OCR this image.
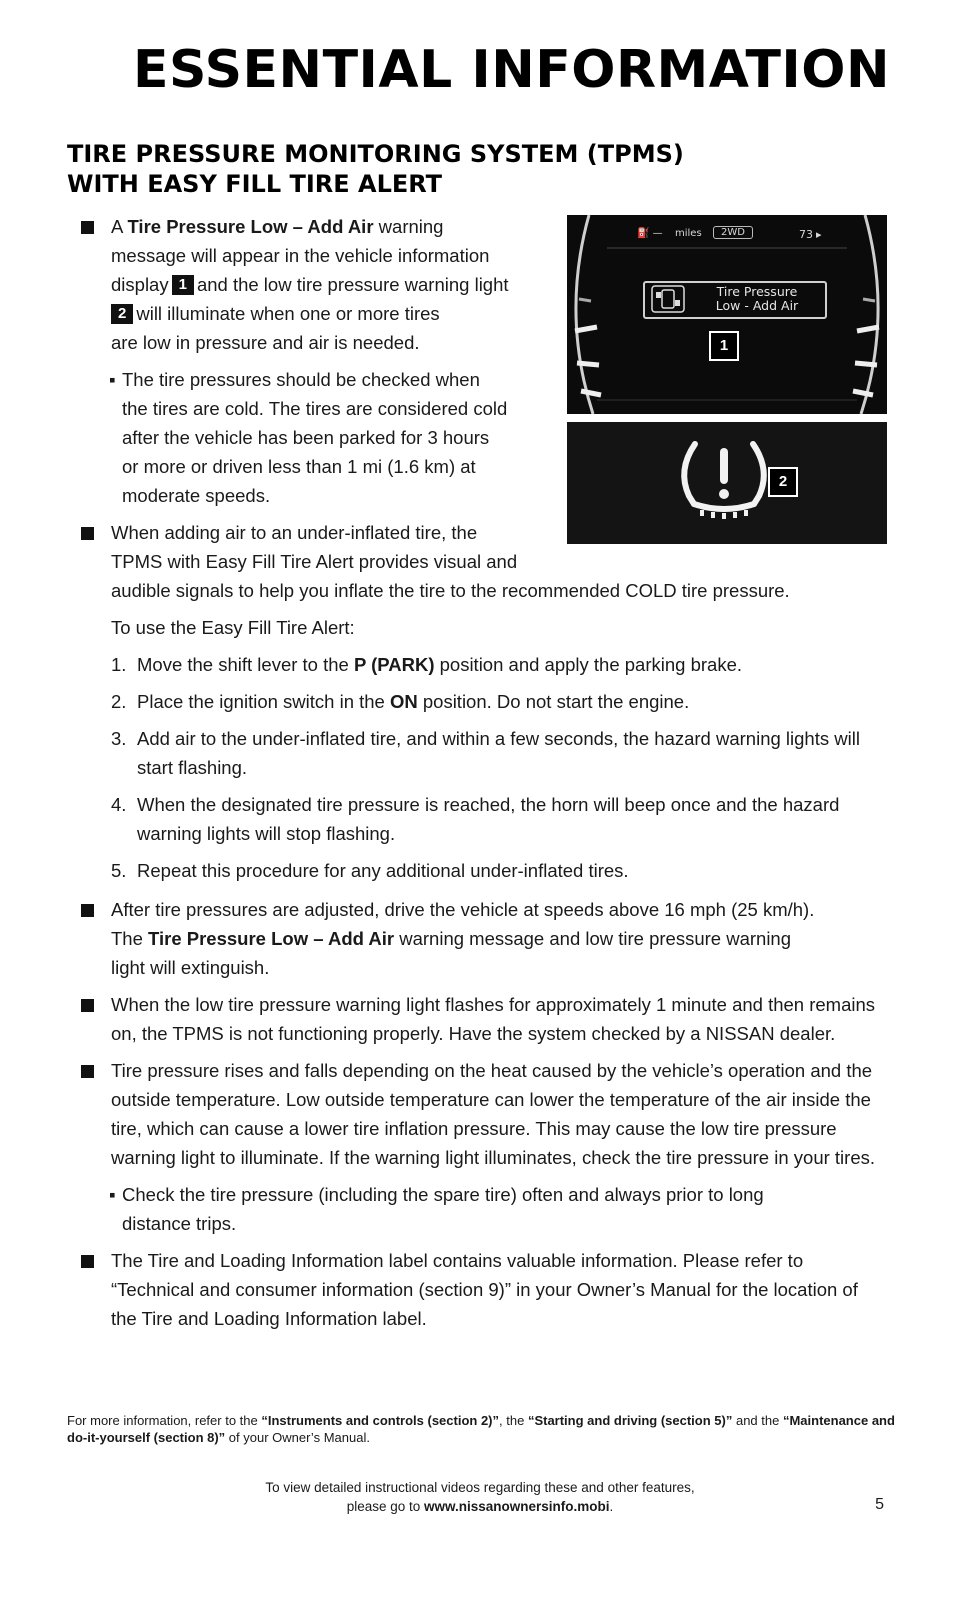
ESSENTIAL INFORMATION
TIRE PRESSURE MONITORING SYSTEM (TPMS)
WITH EASY FILL TIRE ALERT
⛽ — miles	2WD	73 ▸
Tire Pressure
Low - Add Air
1
2

A Tire Pressure Low – Add Air warning
message will appear in the vehicle information
display 1 and the low tire pressure warning light
2 will illuminate when one or more tires
are low in pressure and air is needed.

▪ The tire pressures should be checked when
the tires are cold. The tires are considered cold
after the vehicle has been parked for 3 hours
or more or driven less than 1 mi (1.6 km) at
moderate speeds.

When adding air to an under-inflated tire, the
TPMS with Easy Fill Tire Alert provides visual and
audible signals to help you inflate the tire to the recommended COLD tire pressure.

To use the Easy Fill Tire Alert:

1. Move the shift lever to the P (PARK) position and apply the parking brake.

2. Place the ignition switch in the ON position. Do not start the engine.

3. Add air to the under-inflated tire, and within a few seconds, the hazard warning lights will start flashing.

4. When the designated tire pressure is reached, the horn will beep once and the hazard warning lights will stop flashing.

5. Repeat this procedure for any additional under-inflated tires.

After tire pressures are adjusted, drive the vehicle at speeds above 16 mph (25 km/h).
The Tire Pressure Low – Add Air warning message and low tire pressure warning
light will extinguish.

When the low tire pressure warning light flashes for approximately 1 minute and then remains on, the TPMS is not functioning properly. Have the system checked by a NISSAN dealer.

Tire pressure rises and falls depending on the heat caused by the vehicle’s operation and the outside temperature. Low outside temperature can lower the temperature of the air inside the tire, which can cause a lower tire inflation pressure. This may cause the low tire pressure warning light to illuminate. If the warning light illuminates, check the tire pressure in your tires.

▪ Check the tire pressure (including the spare tire) often and always prior to long
distance trips.

The Tire and Loading Information label contains valuable information. Please refer to “Technical and consumer information (section 9)” in your Owner’s Manual for the location of the Tire and Loading Information label.

For more information, refer to the “Instruments and controls (section 2)”, the “Starting and driving (section 5)” and the “Maintenance and do-it-yourself (section 8)” of your Owner’s Manual.

To view detailed instructional videos regarding these and other features,

please go to www.nissanownersinfo.mobi.	5
